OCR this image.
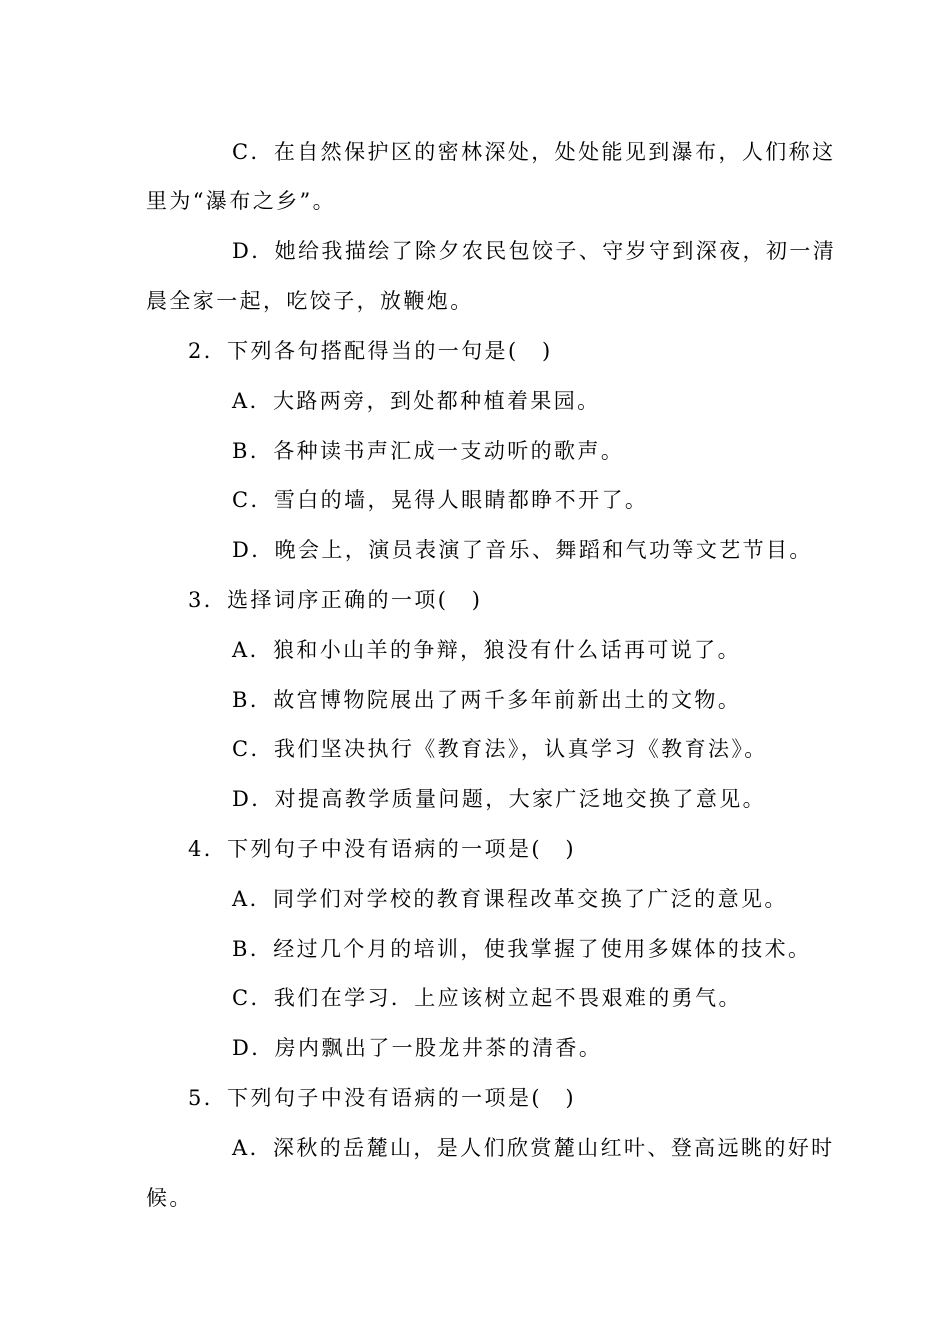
C．在自然保护区的密林深处，处处能见到瀑布，人们称这

里为“瀑布之乡”。

D．她给我描绘了除夕农民包饺子、守岁守到深夜，初一清

晨全家一起，吃饺子，放鞭炮。

2．下列各句搭配得当的一句是(　)

A．大路两旁，到处都种植着果园。

B．各种读书声汇成一支动听的歌声。

C．雪白的墙，晃得人眼睛都睁不开了。

D．晚会上，演员表演了音乐、舞蹈和气功等文艺节目。

3．选择词序正确的一项(　)

A．狼和小山羊的争辩，狼没有什么话再可说了。

B．故宫博物院展出了两千多年前新出土的文物。

C．我们坚决执行《教育法》，认真学习《教育法》。

D．对提高教学质量问题，大家广泛地交换了意见。

4．下列句子中没有语病的一项是(　)

A．同学们对学校的教育课程改革交换了广泛的意见。

B．经过几个月的培训，使我掌握了使用多媒体的技术。

C．我们在学习．上应该树立起不畏艰难的勇气。

D．房内飘出了一股龙井茶的清香。

5．下列句子中没有语病的一项是(　)

A．深秋的岳麓山，是人们欣赏麓山红叶、登高远眺的好时

候。
